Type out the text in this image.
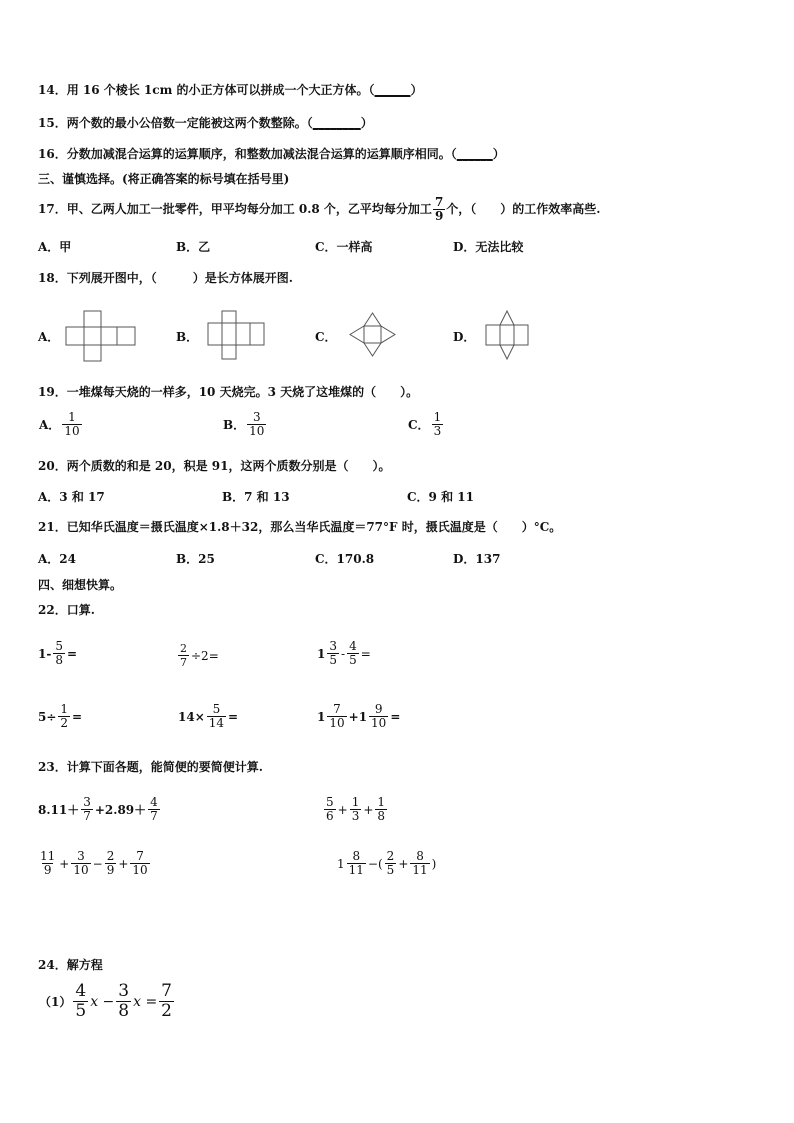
14．用 16 个棱长 1cm 的小正方体可以拼成一个大正方体。（______）
15．两个数的最小公倍数一定能被这两个数整除。（________）
16．分数加减混合运算的运算顺序，和整数加减法混合运算的运算顺序相同。（______）
三、谨慎选择。(将正确答案的标号填在括号里)
17．甲、乙两人加工一批零件，甲平均每分加工 0.8 个，乙平均每分加工 $\frac{7}{9}$ 个，（　　）的工作效率高些.
A．甲	B．乙	C．一样高	D．无法比较
18．下列展开图中，（　　　）是长方体展开图.
A．	B．	C．	D．
19．一堆煤每天烧的一样多，10 天烧完。3 天烧了这堆煤的（　　）。
A． $\frac{1}{10}$	B． $\frac{3}{10}$	C． $\frac{1}{3}$
20．两个质数的和是 20，积是 91，这两个质数分别是（　　）。
A．3 和 17	B．7 和 13	C．9 和 11
21．已知华氏温度＝摄氏温度×1.8＋32，那么当华氏温度＝77°F 时，摄氏温度是（　　）°C。
A．24	B．25	C．170.8	D．137
四、细想快算。
22．口算.
$1- \frac{5}{8}$ =	$\frac{2}{7} \div 2=$	$1 \frac{3}{5} - \frac{4}{5}$ =
$5\div \frac{1}{2}$ =	$14\times \frac{5}{14}$ =	$1 \frac{7}{10} +1 \frac{9}{10}$ =
23．计算下面各题，能简便的要简便计算.
$8.11+ \frac{3}{7} +2.89+ \frac{4}{7}$	$\frac{5}{6} + \frac{1}{3} + \frac{1}{8}$
$\frac{11}{9} + \frac{3}{10} - \frac{2}{9} + \frac{7}{10}$	$1 \frac{8}{11}$ −( $\frac{2}{5} + \frac{8}{11}$ )
24．解方程
$(1) \frac{4}{5}$ $x - \frac{3}{8}$ $x = \frac{7}{2}$
